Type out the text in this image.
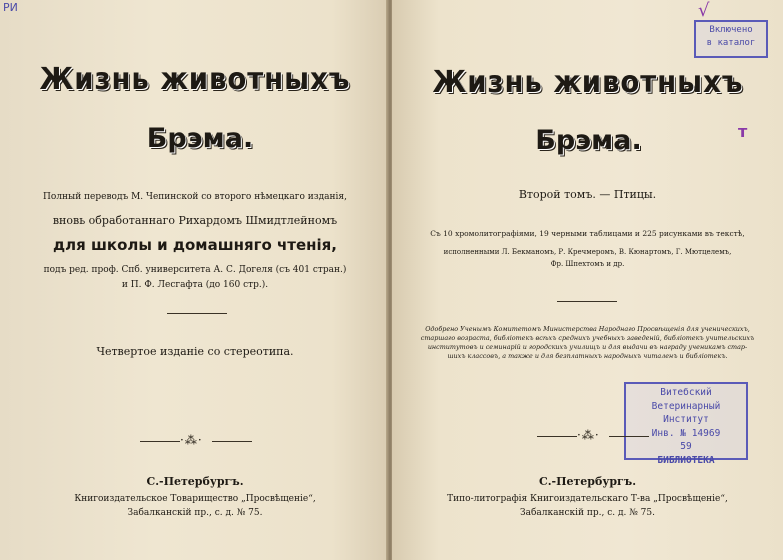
РИ
Жизнь животныхъ
Брэма.
Полный переводъ М. Чепинской со второго нѣмецкаго изданія,
вновь обработаннаго Рихардомъ Шмидтлейномъ
для школы и домашняго чтенія,
подъ ред. проф. Спб. университета А. С. Догеля (съ 401 стран.)
и П. Ф. Лесгафта (до 160 стр.).
Четвертое изданіе со стереотипа.
·⁂·
С.-Петербургъ.
Книгоиздательское Товарищество „Просвѣщеніе“,
Забалканскій пр., с. д. № 75.
√
Включено
в каталог
т
Жизнь животныхъ
Брэма.
Второй томъ. — Птицы.
Съ 10 хромолитографіями, 19 черными таблицами и 225 рисунками въ текстѣ,
исполненными Л. Бекманомъ, Р. Кречмеромъ, В. Кюнартомъ, Г. Мютцелемъ,
Фр. Шпехтомъ и др.
Одобрено Ученымъ Комитетомъ Министерства Народнаго Просвѣщенія для ученическихъ,
старшаго возраста, библіотекъ всѣхъ среднихъ учебныхъ заведеній, библіотекъ учительскихъ
институтовъ и семинарій и городскихъ училищъ и для выдачи въ награду ученикамъ стар-
шихъ классовъ, а также и для безплатныхъ народныхъ читаленъ и библіотекъ.
Витебский
Ветеринарный Институт
Инв. № 14969
59
БИБЛИОТЕКА
·⁂·
С.-Петербургъ.
Типо-литографія Книгоиздательскаго Т-ва „Просвѣщеніе“,
Забалканскій пр., с. д. № 75.
